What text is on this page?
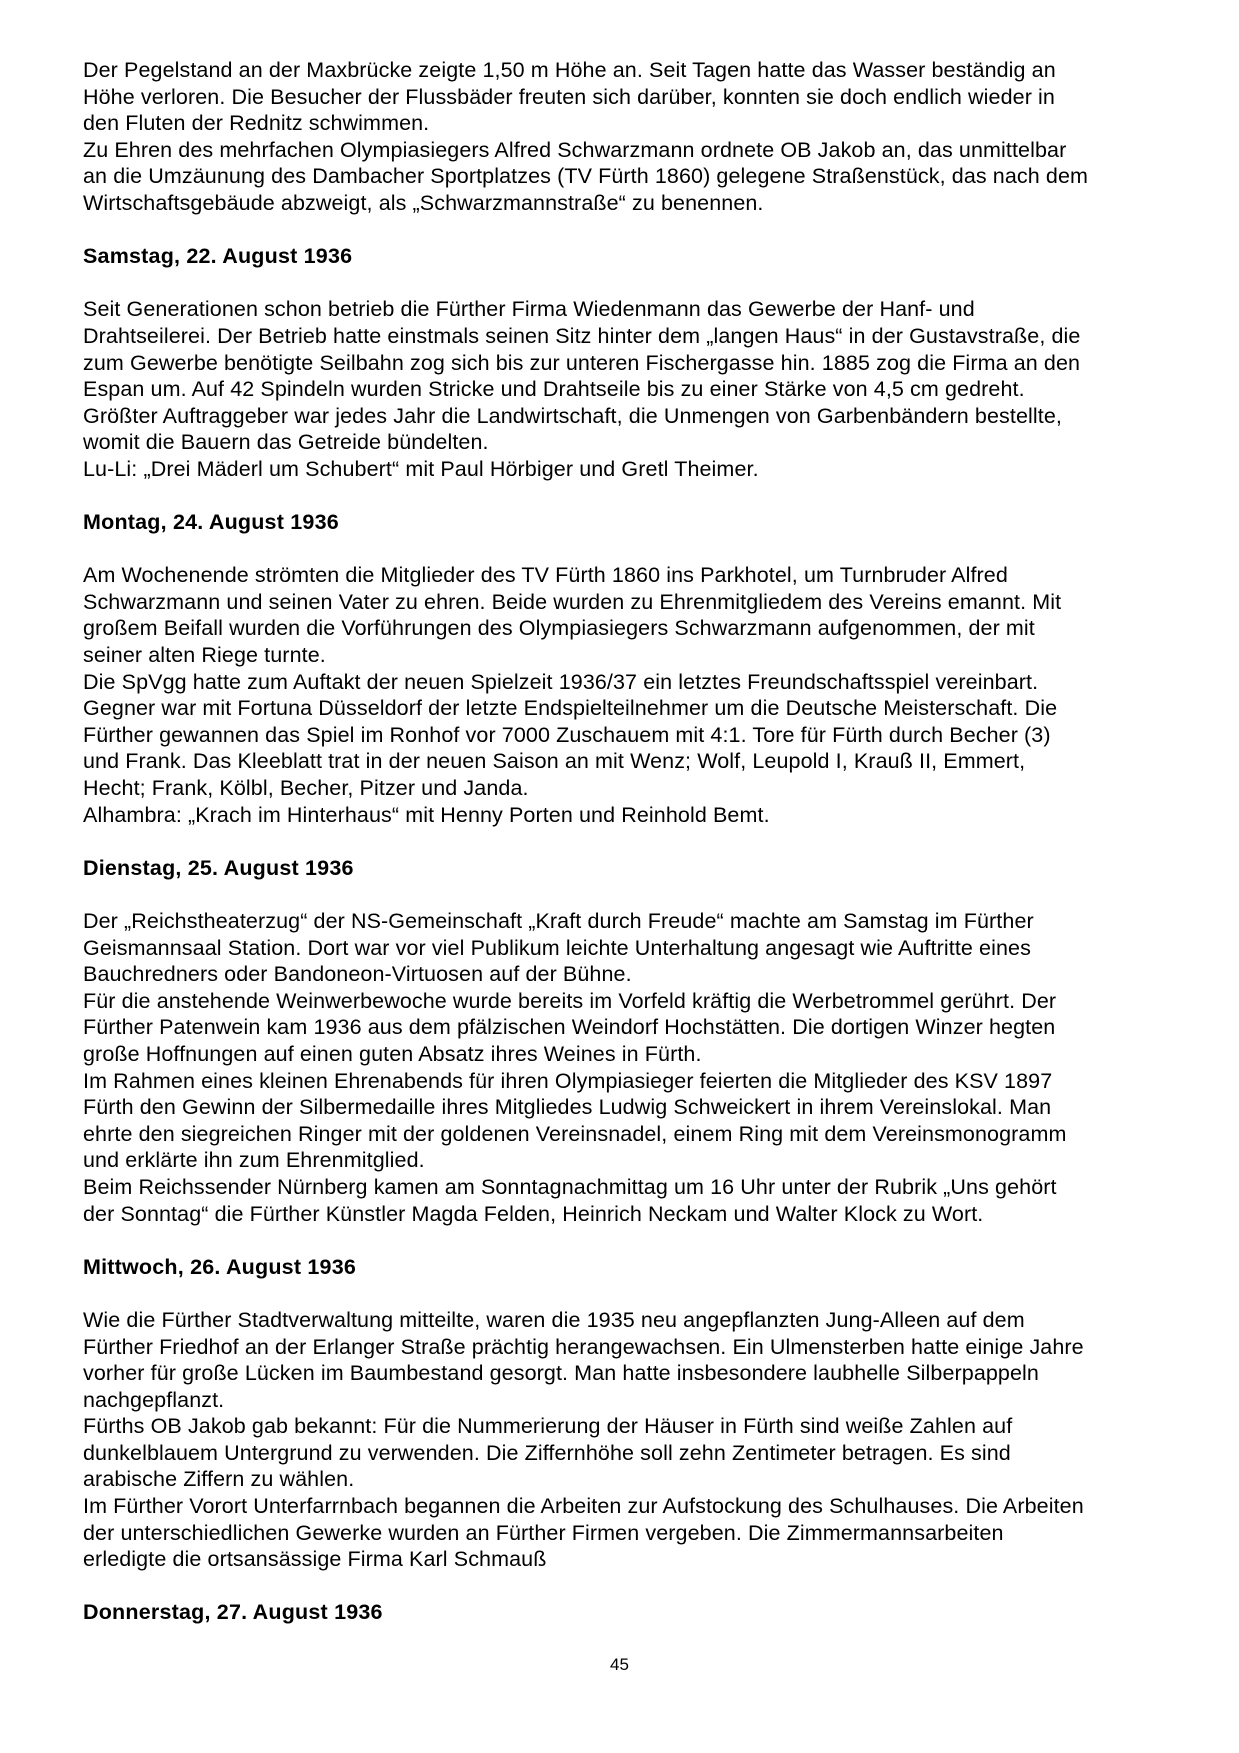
Der Pegelstand an der Maxbrücke zeigte 1,50 m Höhe an. Seit Tagen hatte das Wasser beständig an
Höhe verloren. Die Besucher der Flussbäder freuten sich darüber, konnten sie doch endlich wieder in
den Fluten der Rednitz schwimmen.
Zu Ehren des mehrfachen Olympiasiegers Alfred Schwarzmann ordnete OB Jakob an, das unmittelbar
an die Umzäunung des Dambacher Sportplatzes (TV Fürth 1860) gelegene Straßenstück, das nach dem
Wirtschaftsgebäude abzweigt, als „Schwarzmannstraße“ zu benennen.
Samstag, 22. August 1936
Seit Generationen schon betrieb die Fürther Firma Wiedenmann das Gewerbe der Hanf- und
Drahtseilerei. Der Betrieb hatte einstmals seinen Sitz hinter dem „langen Haus“ in der Gustavstraße, die
zum Gewerbe benötigte Seilbahn zog sich bis zur unteren Fischergasse hin. 1885 zog die Firma an den
Espan um. Auf 42 Spindeln wurden Stricke und Drahtseile bis zu einer Stärke von 4,5 cm gedreht.
Größter Auftraggeber war jedes Jahr die Landwirtschaft, die Unmengen von Garbenbändern bestellte,
womit die Bauern das Getreide bündelten.
Lu-Li: „Drei Mäderl um Schubert“ mit Paul Hörbiger und Gretl Theimer.
Montag, 24. August 1936
Am Wochenende strömten die Mitglieder des TV Fürth 1860 ins Parkhotel, um Turnbruder Alfred
Schwarzmann und seinen Vater zu ehren. Beide wurden zu Ehrenmitgliedem des Vereins emannt. Mit
großem Beifall wurden die Vorführungen des Olympiasiegers Schwarzmann aufgenommen, der mit
seiner alten Riege turnte.
Die SpVgg hatte zum Auftakt der neuen Spielzeit 1936/37 ein letztes Freundschaftsspiel vereinbart.
Gegner war mit Fortuna Düsseldorf der letzte Endspielteilnehmer um die Deutsche Meisterschaft. Die
Fürther gewannen das Spiel im Ronhof vor 7000 Zuschauem mit 4:1. Tore für Fürth durch Becher (3)
und Frank. Das Kleeblatt trat in der neuen Saison an mit Wenz; Wolf, Leupold I, Krauß II, Emmert,
Hecht; Frank, Kölbl, Becher, Pitzer und Janda.
Alhambra: „Krach im Hinterhaus“ mit Henny Porten und Reinhold Bemt.
Dienstag, 25. August 1936
Der „Reichstheaterzug“ der NS-Gemeinschaft „Kraft durch Freude“ machte am Samstag im Fürther
Geismannsaal Station. Dort war vor viel Publikum leichte Unterhaltung angesagt wie Auftritte eines
Bauchredners oder Bandoneon-Virtuosen auf der Bühne.
Für die anstehende Weinwerbewoche wurde bereits im Vorfeld kräftig die Werbetrommel gerührt. Der
Fürther Patenwein kam 1936 aus dem pfälzischen Weindorf Hochstätten. Die dortigen Winzer hegten
große Hoffnungen auf einen guten Absatz ihres Weines in Fürth.
Im Rahmen eines kleinen Ehrenabends für ihren Olympiasieger feierten die Mitglieder des KSV 1897
Fürth den Gewinn der Silbermedaille ihres Mitgliedes Ludwig Schweickert in ihrem Vereinslokal. Man
ehrte den siegreichen Ringer mit der goldenen Vereinsnadel, einem Ring mit dem Vereinsmonogramm
und erklärte ihn zum Ehrenmitglied.
Beim Reichssender Nürnberg kamen am Sonntagnachmittag um 16 Uhr unter der Rubrik „Uns gehört
der Sonntag“ die Fürther Künstler Magda Felden, Heinrich Neckam und Walter Klock zu Wort.
Mittwoch, 26. August 1936
Wie die Fürther Stadtverwaltung mitteilte, waren die 1935 neu angepflanzten Jung-Alleen auf dem
Fürther Friedhof an der Erlanger Straße prächtig herangewachsen. Ein Ulmensterben hatte einige Jahre
vorher für große Lücken im Baumbestand gesorgt. Man hatte insbesondere laubhelle Silberpappeln
nachgepflanzt.
Fürths OB Jakob gab bekannt: Für die Nummerierung der Häuser in Fürth sind weiße Zahlen auf
dunkelblauem Untergrund zu verwenden. Die Ziffernhöhe soll zehn Zentimeter betragen. Es sind
arabische Ziffern zu wählen.
Im Fürther Vorort Unterfarrnbach begannen die Arbeiten zur Aufstockung des Schulhauses. Die Arbeiten
der unterschiedlichen Gewerke wurden an Fürther Firmen vergeben. Die Zimmermannsarbeiten
erledigte die ortsansässige Firma Karl Schmauß
Donnerstag, 27. August 1936
45
